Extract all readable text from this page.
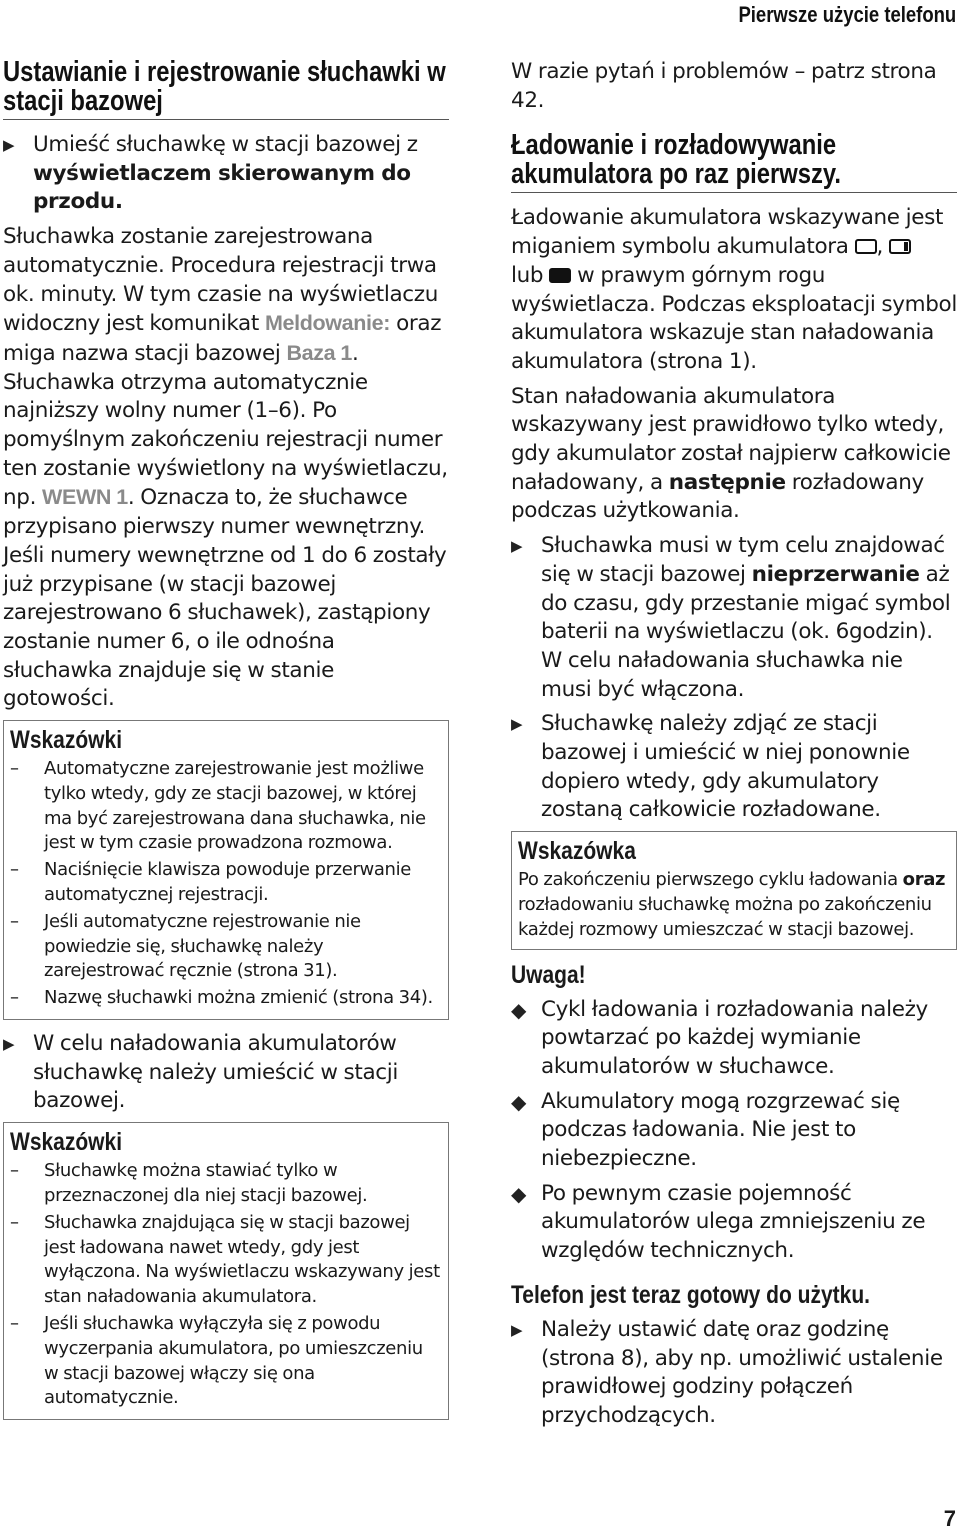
Pierwsze użycie telefonu
Ustawianie i rejestrowanie słuchawki w stacji bazowej
▶ Umieść słuchawkę w stacji bazowej z wyświetlaczem skierowanym do przodu.

Słuchawka zostanie zarejestrowana automatycznie. Procedura rejestracji trwa ok. minuty. W tym czasie na wyświetlaczu widoczny jest komunikat Meldowanie: oraz miga nazwa stacji bazowej Baza 1. Słuchawka otrzyma automatycznie najniższy wolny numer (1–6). Po pomyślnym zakończeniu rejestracji numer ten zostanie wyświetlony na wyświetlaczu, np. WEWN 1. Oznacza to, że słuchawce przypisano pierwszy numer wewnętrzny. Jeśli numery wewnętrzne od 1 do 6 zostały już przypisane (w stacji bazowej zarejestrowano 6 słuchawek), zastąpiony zostanie numer 6, o ile odnośna słuchawka znajduje się w stanie gotowości.

Wskazówki
–	Automatyczne zarejestrowanie jest możliwe tylko wtedy, gdy ze stacji bazowej, w której ma być zarejestrowana dana słuchawka, nie jest w tym czasie prowadzona rozmowa.
–	Naciśnięcie klawisza powoduje przerwanie automatycznej rejestracji.
–	Jeśli automatyczne rejestrowanie nie powiedzie się, słuchawkę należy zarejestrować ręcznie (strona 31).
–	Nazwę słuchawki można zmienić (strona 34).
▶ W celu naładowania akumulatorów słuchawkę należy umieścić w stacji bazowej.
Wskazówki
–	Słuchawkę można stawiać tylko w przeznaczonej dla niej stacji bazowej.
–	Słuchawka znajdująca się w stacji bazowej jest ładowana nawet wtedy, gdy jest wyłączona. Na wyświetlaczu wskazywany jest stan naładowania akumulatora.
–	Jeśli słuchawka wyłączyła się z powodu wyczerpania akumulatora, po umieszczeniu w stacji bazowej włączy się ona automatycznie.

W razie pytań i problemów – patrz strona 42.

Ładowanie i rozładowywanie akumulatora po raz pierwszy.

Ładowanie akumulatora wskazywane jest miganiem symbolu akumulatora ,
lub  w prawym górnym rogu wyświetlacza. Podczas eksploatacji symbol akumulatora wskazuje stan naładowania akumulatora (strona 1).

Stan naładowania akumulatora wskazywany jest prawidłowo tylko wtedy, gdy akumulator został najpierw całkowicie naładowany, a następnie rozładowany podczas użytkowania.

▶ Słuchawka musi w tym celu znajdować się w stacji bazowej nieprzerwanie aż do czasu, gdy przestanie migać symbol baterii na wyświetlaczu (ok. 6godzin). W celu naładowania słuchawka nie musi być włączona.
▶ Słuchawkę należy zdjąć ze stacji bazowej i umieścić w niej ponownie dopiero wtedy, gdy akumulatory zostaną całkowicie rozładowane.
Wskazówka

Po zakończeniu pierwszego cyklu ładowania oraz rozładowaniu słuchawkę można po zakończeniu każdej rozmowy umieszczać w stacji bazowej.

Uwaga!
◆ Cykl ładowania i rozładowania należy powtarzać po każdej wymianie akumulatorów w słuchawce.
◆ Akumulatory mogą rozgrzewać się podczas ładowania. Nie jest to niebezpieczne.
◆ Po pewnym czasie pojemność akumulatorów ulega zmniejszeniu ze względów technicznych.
Telefon jest teraz gotowy do użytku.
▶ Należy ustawić datę oraz godzinę (strona 8), aby np. umożliwić ustalenie prawidłowej godziny połączeń przychodzących.
7
